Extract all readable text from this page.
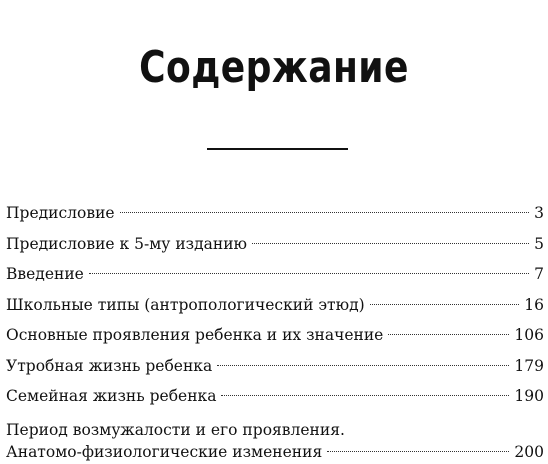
Содержание
Предисловие	3
Предисловие к 5-му изданию	5
Введение	7
Школьные типы (антропологический этюд)	16
Основные проявления ребенка и их значение	106
Утробная жизнь ребенка	179
Семейная жизнь ребенка	190
Период возмужалости и его проявления.
Анатомо-физиологические изменения	200
